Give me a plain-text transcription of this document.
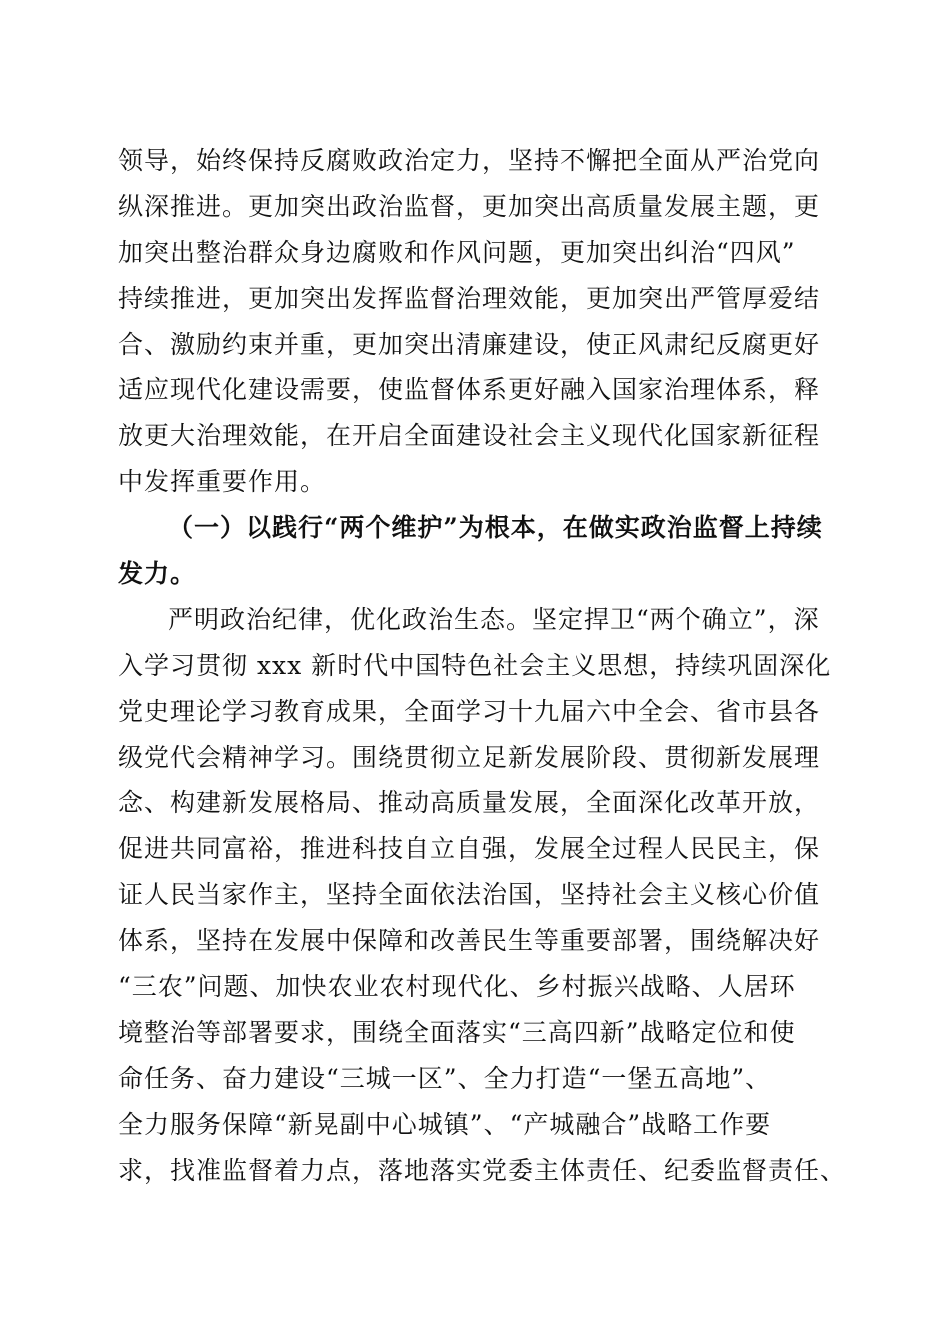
领导，始终保持反腐败政治定力，坚持不懈把全面从严治党向
纵深推进。更加突出政治监督，更加突出高质量发展主题，更
加突出整治群众身边腐败和作风问题，更加突出纠治“四风”
持续推进，更加突出发挥监督治理效能，更加突出严管厚爱结
合、激励约束并重，更加突出清廉建设，使正风肃纪反腐更好
适应现代化建设需要，使监督体系更好融入国家治理体系，释
放更大治理效能，在开启全面建设社会主义现代化国家新征程
中发挥重要作用。
（一）以践行“两个维护”为根本，在做实政治监督上持续
发力。
严明政治纪律，优化政治生态。坚定捍卫“两个确立”，深
入学习贯彻 xxx 新时代中国特色社会主义思想，持续巩固深化
党史理论学习教育成果，全面学习十九届六中全会、省市县各
级党代会精神学习。围绕贯彻立足新发展阶段、贯彻新发展理
念、构建新发展格局、推动高质量发展，全面深化改革开放，
促进共同富裕，推进科技自立自强，发展全过程人民民主，保
证人民当家作主，坚持全面依法治国，坚持社会主义核心价值
体系，坚持在发展中保障和改善民生等重要部署，围绕解决好
“三农”问题、加快农业农村现代化、乡村振兴战略、人居环
境整治等部署要求，围绕全面落实“三高四新”战略定位和使
命任务、奋力建设“三城一区”、全力打造“一堡五高地”、
全力服务保障“新晃副中心城镇”、“产城融合”战略工作要
求，找准监督着力点，落地落实党委主体责任、纪委监督责任、
